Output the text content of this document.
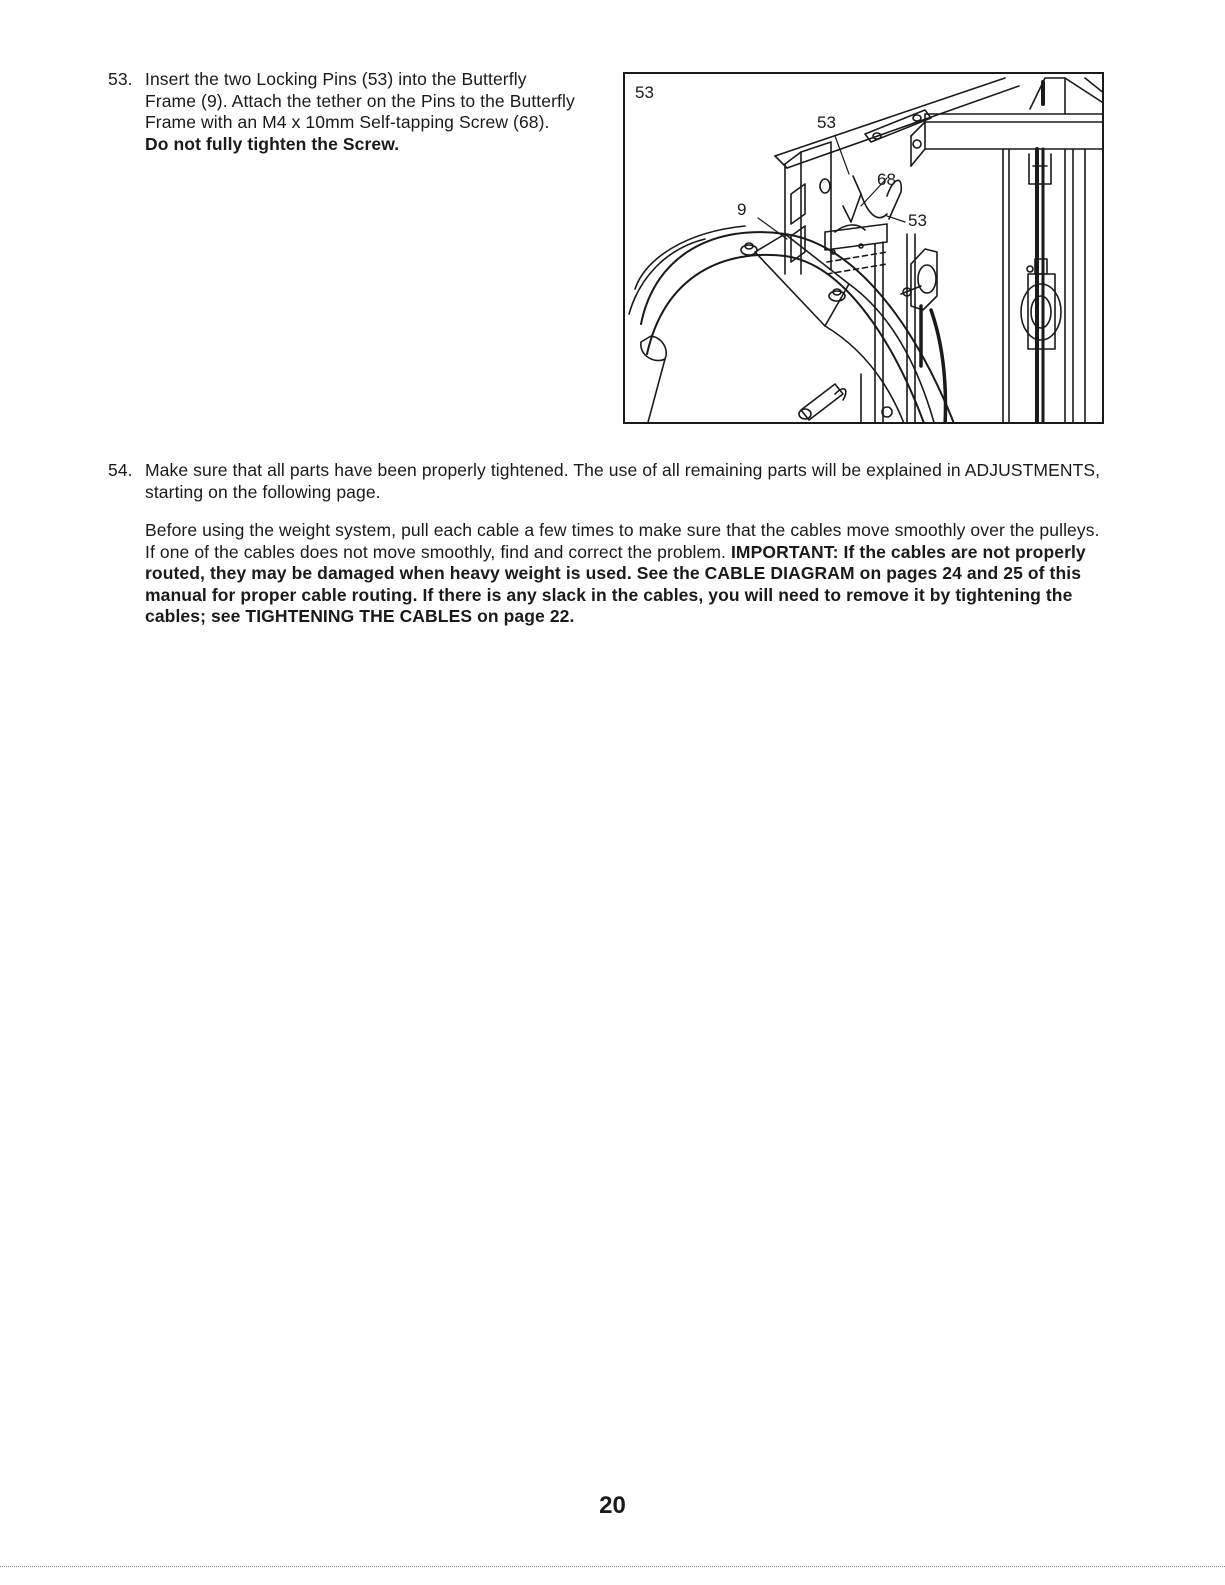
53. Insert the two Locking Pins (53) into the Butterfly Frame (9). Attach the tether on the Pins to the Butterfly Frame with an M4 x 10mm Self-tapping Screw (68). Do not fully tighten the Screw.

53
53
68
9
53
54. Make sure that all parts have been properly tightened. The use of all remaining parts will be explained in ADJUSTMENTS, starting on the following page.

Before using the weight system, pull each cable a few times to make sure that the cables move smoothly over the pulleys. If one of the cables does not move smoothly, find and correct the problem. IMPORTANT: If the cables are not properly routed, they may be damaged when heavy weight is used. See the CABLE DIAGRAM on pages 24 and 25 of this manual for proper cable routing. If there is any slack in the cables, you will need to remove it by tightening the cables; see TIGHTENING THE CABLES on page 22.

20
